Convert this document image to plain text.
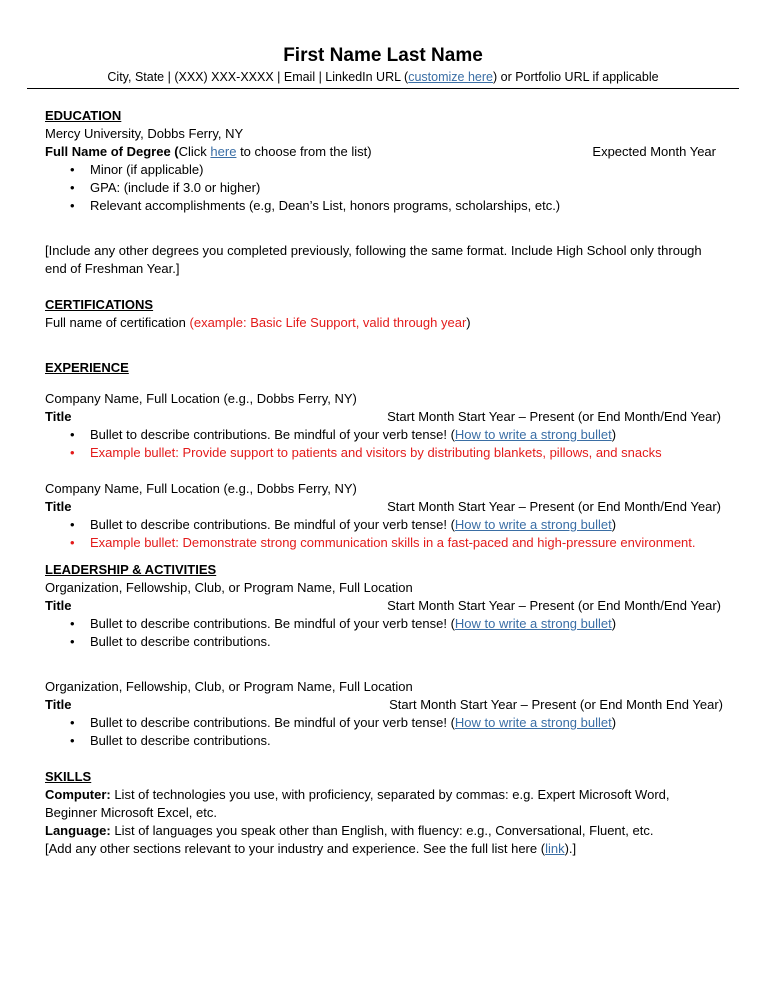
First Name Last Name
City, State | (XXX) XXX-XXXX | Email | LinkedIn URL (customize here) or Portfolio URL if applicable
EDUCATION
Mercy University, Dobbs Ferry, NY
Full Name of Degree (Click here to choose from the list)	Expected Month Year
• Minor (if applicable)
• GPA: (include if 3.0 or higher)
• Relevant accomplishments (e.g, Dean’s List, honors programs, scholarships, etc.)
[Include any other degrees you completed previously, following the same format. Include High School only through end of Freshman Year.]
CERTIFICATIONS
Full name of certification (example: Basic Life Support, valid through year)
EXPERIENCE
Company Name, Full Location (e.g., Dobbs Ferry, NY)
Title	Start Month Start Year – Present (or End Month/End Year)
• Bullet to describe contributions. Be mindful of your verb tense! (How to write a strong bullet)
• Example bullet: Provide support to patients and visitors by distributing blankets, pillows, and snacks
Company Name, Full Location (e.g., Dobbs Ferry, NY)
Title	Start Month Start Year – Present (or End Month/End Year)
• Bullet to describe contributions. Be mindful of your verb tense! (How to write a strong bullet)
• Example bullet: Demonstrate strong communication skills in a fast-paced and high-pressure environment.
LEADERSHIP & ACTIVITIES
Organization, Fellowship, Club, or Program Name, Full Location
Title	Start Month Start Year – Present (or End Month/End Year)
• Bullet to describe contributions. Be mindful of your verb tense! (How to write a strong bullet)
• Bullet to describe contributions.
Organization, Fellowship, Club, or Program Name, Full Location
Title	Start Month Start Year – Present (or End Month End Year)
• Bullet to describe contributions. Be mindful of your verb tense! (How to write a strong bullet)
• Bullet to describe contributions.
SKILLS
Computer: List of technologies you use, with proficiency, separated by commas: e.g. Expert Microsoft Word, Beginner Microsoft Excel, etc.
Language: List of languages you speak other than English, with fluency: e.g., Conversational, Fluent, etc.
[Add any other sections relevant to your industry and experience. See the full list here (link).]
